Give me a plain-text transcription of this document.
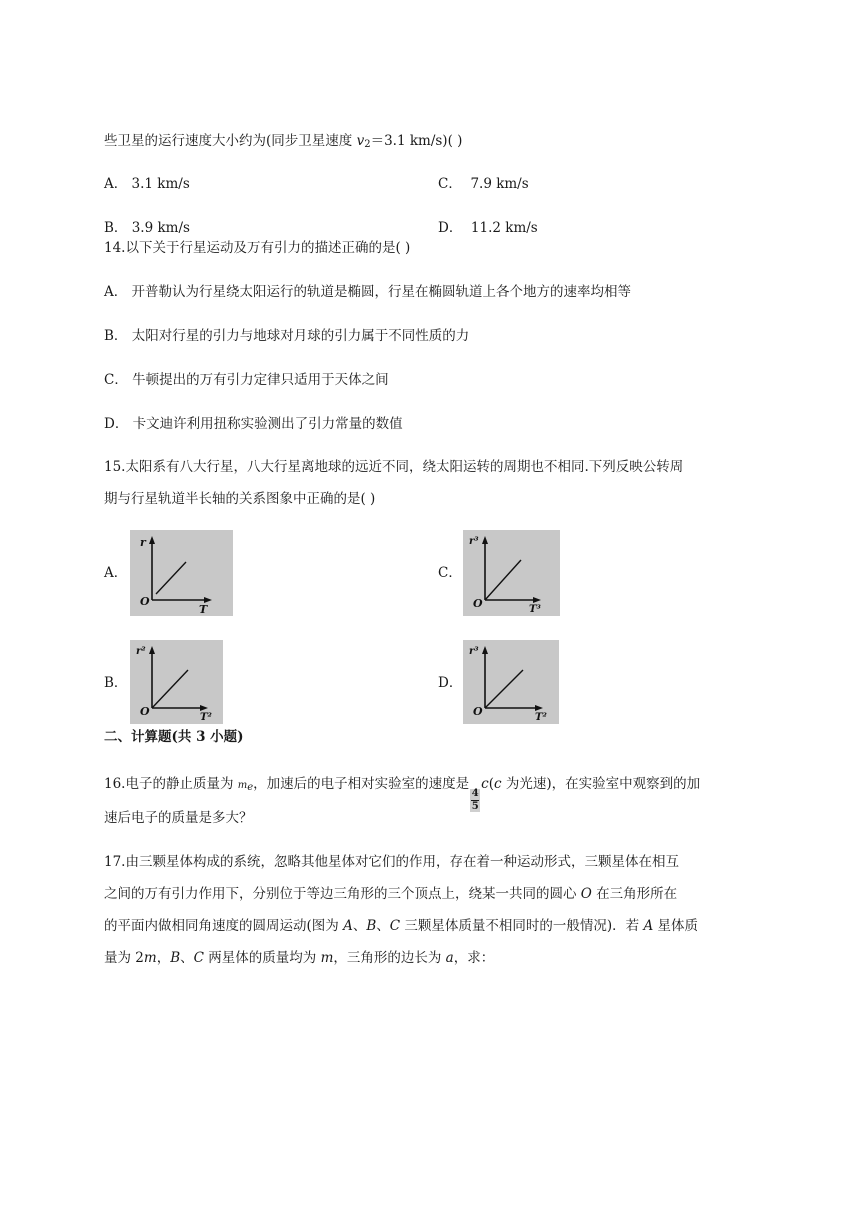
些卫星的运行速度大小约为(同步卫星速度 $v_2=3.1$ km/s)( )
A． 3.1 km/s	C． 7.9 km/s
B． 3.9 km/s	D． 11.2 km/s
14.以下关于行星运动及万有引力的描述正确的是( )
A． 开普勒认为行星绕太阳运行的轨道是椭圆，行星在椭圆轨道上各个地方的速率均相等
B． 太阳对行星的引力与地球对月球的引力属于不同性质的力
C． 牛顿提出的万有引力定律只适用于天体之间
D． 卡文迪许利用扭称实验测出了引力常量的数值
15.太阳系有八大行星，八大行星离地球的远近不同，绕太阳运转的周期也不相同.下列反映公转周
期与行星轨道半长轴的关系图象中正确的是( )
A．
r
T
O
C．
r³
T³
O
B．
r²
T²
O
D．
r³
T²
O
二、计算题(共 3 小题)
16.电子的静止质量为 $m_e$，加速后的电子相对实验室的速度是
$\frac{4}{5}$
c(c 为光速)，在实验室中观察到的加
速后电子的质量是多大？
17.由三颗星体构成的系统，忽略其他星体对它们的作用，存在着一种运动形式，三颗星体在相互
之间的万有引力作用下，分别位于等边三角形的三个顶点上，绕某一共同的圆心 O 在三角形所在
的平面内做相同角速度的圆周运动(图为 A、B、C 三颗星体质量不相同时的一般情况)．若 A 星体质
量为 2m，B、C 两星体的质量均为 m，三角形的边长为 a，求：
